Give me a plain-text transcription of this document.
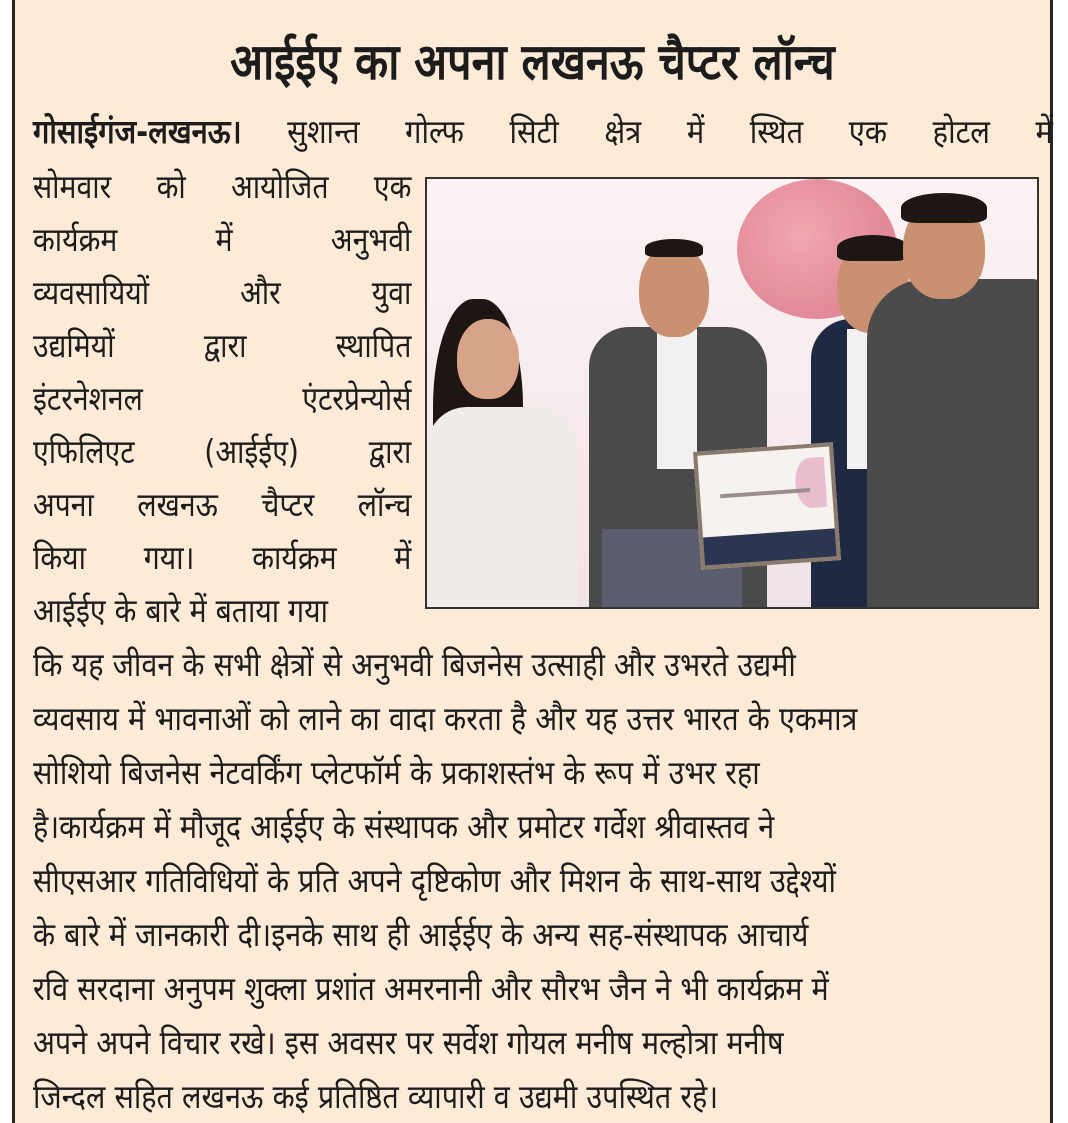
आईईए का अपना लखनऊ चैप्टर लॉन्च
गोसाईगंज-लखनऊ। सुशान्त गोल्फ सिटी क्षेत्र में स्थित एक होटल में
सोमवार को आयोजित एक
कार्यक्रम	में	अनुभवी
व्यवसायियों	और	युवा
उद्यमियों	द्वारा	स्थापित
इंटरनेशनल	एंटरप्रेन्योर्स
एफिलिएट (आईईए) द्वारा
अपना लखनऊ चैप्टर लॉन्च
किया गया। कार्यक्रम में
आईईए के बारे में बताया गया
कि यह जीवन के सभी क्षेत्रों से अनुभवी बिजनेस उत्साही और उभरते उद्यमी
व्यवसाय में भावनाओं को लाने का वादा करता है और यह उत्तर भारत के एकमात्र
सोशियो बिजनेस नेटवर्किंग प्लेटफॉर्म के प्रकाशस्तंभ के रूप में उभर रहा
है।कार्यक्रम में मौजूद आईईए के संस्थापक और प्रमोटर गर्वेश श्रीवास्तव ने
सीएसआर गतिविधियों के प्रति अपने दृष्टिकोण और मिशन के साथ-साथ उद्देश्यों
के बारे में जानकारी दी।इनके साथ ही आईईए के अन्य सह-संस्थापक आचार्य
रवि सरदाना अनुपम शुक्ला प्रशांत अमरनानी और सौरभ जैन ने भी कार्यक्रम में
अपने अपने विचार रखे। इस अवसर पर सर्वेश गोयल मनीष मल्होत्रा मनीष
जिन्दल सहित लखनऊ कई प्रतिष्ठित व्यापारी व उद्यमी उपस्थित रहे।
